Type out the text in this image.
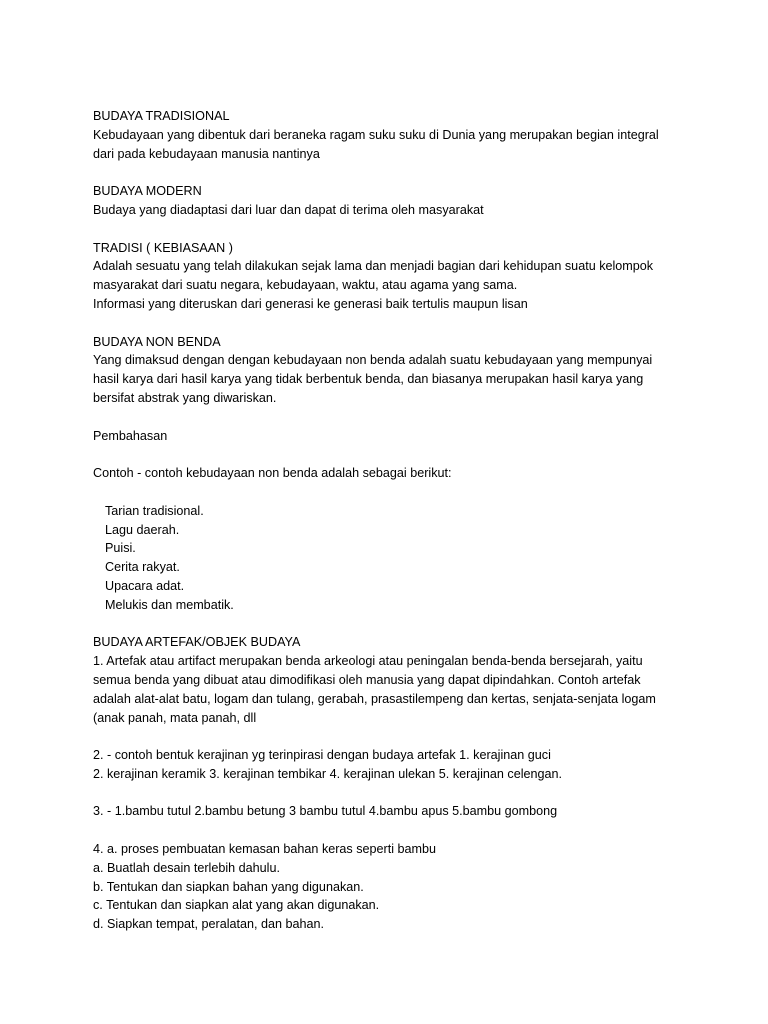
BUDAYA TRADISIONAL
Kebudayaan yang dibentuk dari beraneka ragam suku suku di Dunia yang merupakan begian integral
dari pada kebudayaan manusia nantinya
BUDAYA MODERN
Budaya yang diadaptasi dari luar dan dapat di terima oleh masyarakat
TRADISI ( KEBIASAAN )
Adalah sesuatu yang telah dilakukan sejak lama dan menjadi bagian dari kehidupan suatu kelompok
masyarakat dari suatu negara, kebudayaan, waktu, atau agama yang sama.
Informasi yang diteruskan dari generasi ke generasi baik tertulis maupun lisan
BUDAYA NON BENDA
Yang dimaksud dengan dengan kebudayaan non benda adalah suatu kebudayaan yang mempunyai
hasil karya dari hasil karya yang tidak berbentuk benda, dan biasanya merupakan hasil karya yang
bersifat abstrak yang diwariskan.
Pembahasan
Contoh - contoh kebudayaan non benda adalah sebagai berikut:
Tarian tradisional.
Lagu daerah.
Puisi.
Cerita rakyat.
Upacara adat.
Melukis dan membatik.
BUDAYA ARTEFAK/OBJEK BUDAYA
1. Artefak atau artifact merupakan benda arkeologi atau peningalan benda-benda bersejarah, yaitu
semua benda yang dibuat atau dimodifikasi oleh manusia yang dapat dipindahkan. Contoh artefak
adalah alat-alat batu, logam dan tulang, gerabah, prasastilempeng dan kertas, senjata-senjata logam
(anak panah, mata panah, dll
2. - contoh bentuk kerajinan yg terinpirasi dengan budaya artefak 1. kerajinan guci
2. kerajinan keramik 3. kerajinan tembikar 4. kerajinan ulekan 5. kerajinan celengan.
3. - 1.bambu tutul 2.bambu betung 3 bambu tutul 4.bambu apus 5.bambu gombong
4. a. proses pembuatan kemasan bahan keras seperti bambu
a. Buatlah desain terlebih dahulu.
b. Tentukan dan siapkan bahan yang digunakan.
c. Tentukan dan siapkan alat yang akan digunakan.
d. Siapkan tempat, peralatan, dan bahan.
